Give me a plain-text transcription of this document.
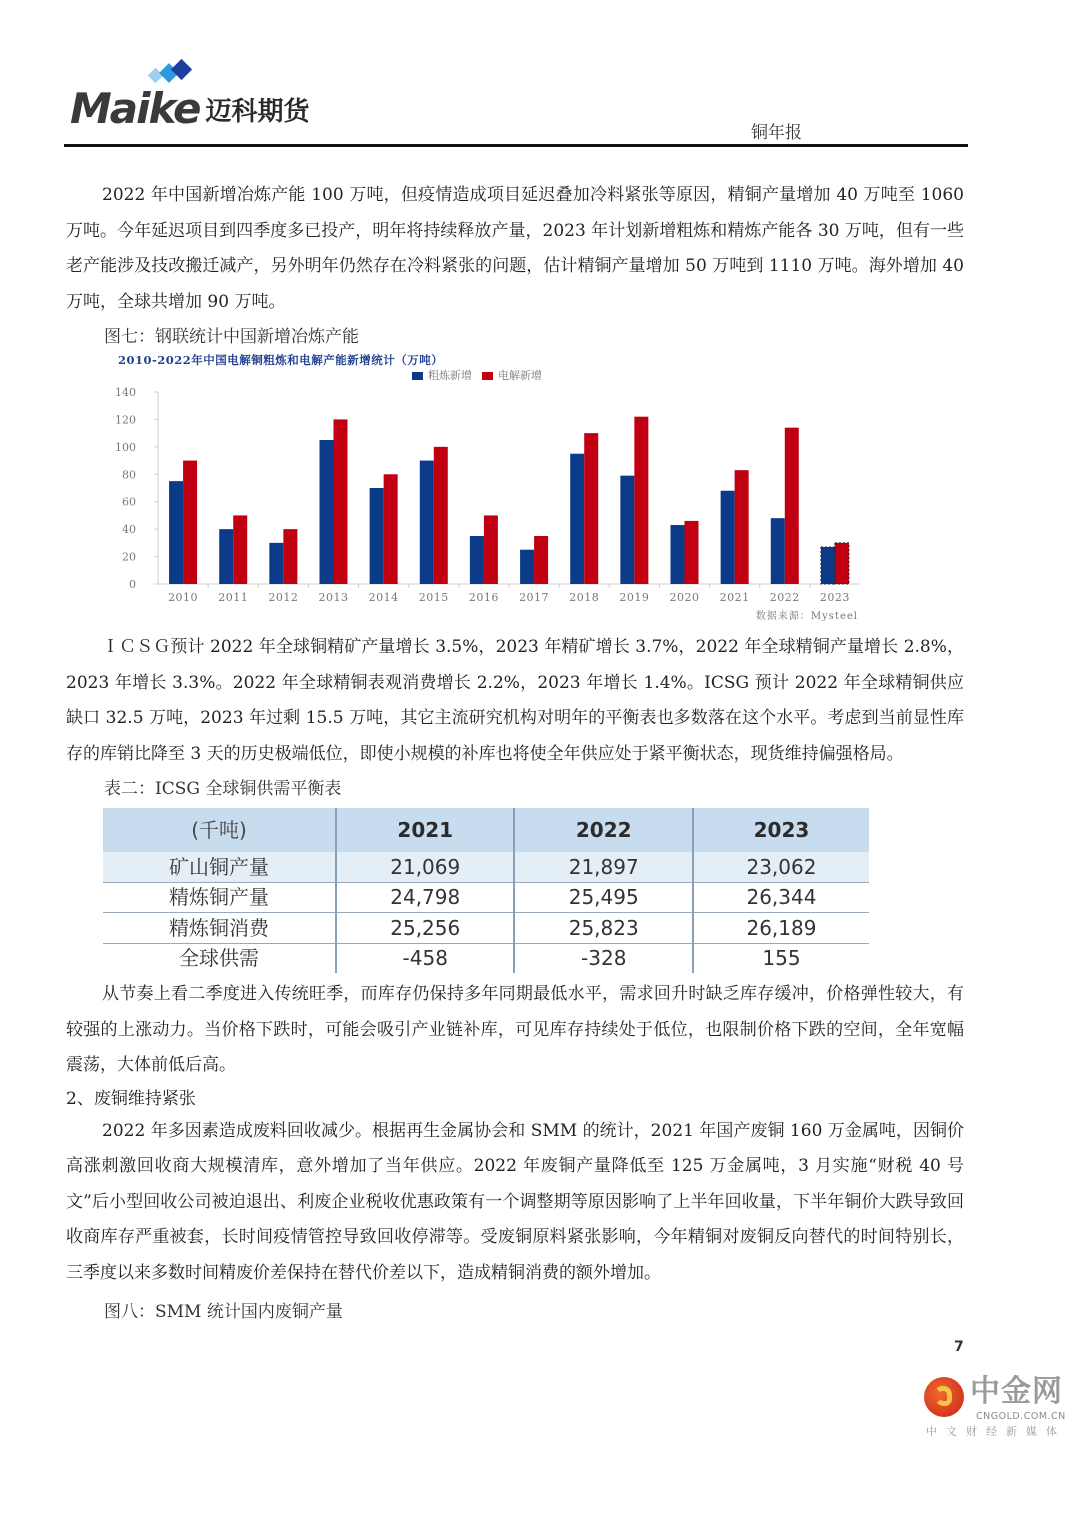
Maike 迈科期货
铜年报

2022 年中国新增冶炼产能 100 万吨，但疫情造成项目延迟叠加冷料紧张等原因，精铜产量增加 40 万吨至 1060 万吨。今年延迟项目到四季度多已投产，明年将持续释放产量，2023 年计划新增粗炼和精炼产能各 30 万吨，但有一些老产能涉及技改搬迁减产，另外明年仍然存在冷料紧张的问题，估计精铜产量增加 50 万吨到 1110 万吨。海外增加 40 万吨，全球共增加 90 万吨。

图七：钢联统计中国新增冶炼产能
2010-2022年中国电解铜粗炼和电解产能新增统计（万吨）
粗炼新增 电解新增
0
20
40
60
80
100
120
140
2010 2011 2012 2013 2014 2015 2016 2017 2018 2019 2020 2021 2022 2023
数据来源：Mysteel

ＩＣＳＧ预计 2022 年全球铜精矿产量增长 3.5%，2023 年精矿增长 3.7%，2022 年全球精铜产量增长 2.8%，2023 年增长 3.3%。2022 年全球精铜表观消费增长 2.2%，2023 年增长 1.4%。ICSG 预计 2022 年全球精铜供应缺口 32.5 万吨，2023 年过剩 15.5 万吨，其它主流研究机构对明年的平衡表也多数落在这个水平。考虑到当前显性库存的库销比降至 3 天的历史极端低位，即使小规模的补库也将使全年供应处于紧平衡状态，现货维持偏强格局。

表二：ICSG 全球铜供需平衡表
(千吨)	2021	2022	2023
矿山铜产量	21,069	21,897	23,062
精炼铜产量	24,798	25,495	26,344
精炼铜消费	25,256	25,823	26,189
全球供需	-458	-328	155

从节奏上看二季度进入传统旺季，而库存仍保持多年同期最低水平，需求回升时缺乏库存缓冲，价格弹性较大，有较强的上涨动力。当价格下跌时，可能会吸引产业链补库，可见库存持续处于低位，也限制价格下跌的空间，全年宽幅震荡，大体前低后高。

2、废铜维持紧张

2022 年多因素造成废料回收减少。根据再生金属协会和 SMM 的统计，2021 年国产废铜 160 万金属吨，因铜价高涨刺激回收商大规模清库，意外增加了当年供应。2022 年废铜产量降低至 125 万金属吨，3 月实施“财税 40 号文”后小型回收公司被迫退出、利废企业税收优惠政策有一个调整期等原因影响了上半年回收量，下半年铜价大跌导致回收商库存严重被套，长时间疫情管控导致回收停滞等。受废铜原料紧张影响，今年精铜对废铜反向替代的时间特别长，三季度以来多数时间精废价差保持在替代价差以下，造成精铜消费的额外增加。

图八：SMM 统计国内废铜产量
7
中金网
CNGOLD.COM.CN
中文财经新媒体
